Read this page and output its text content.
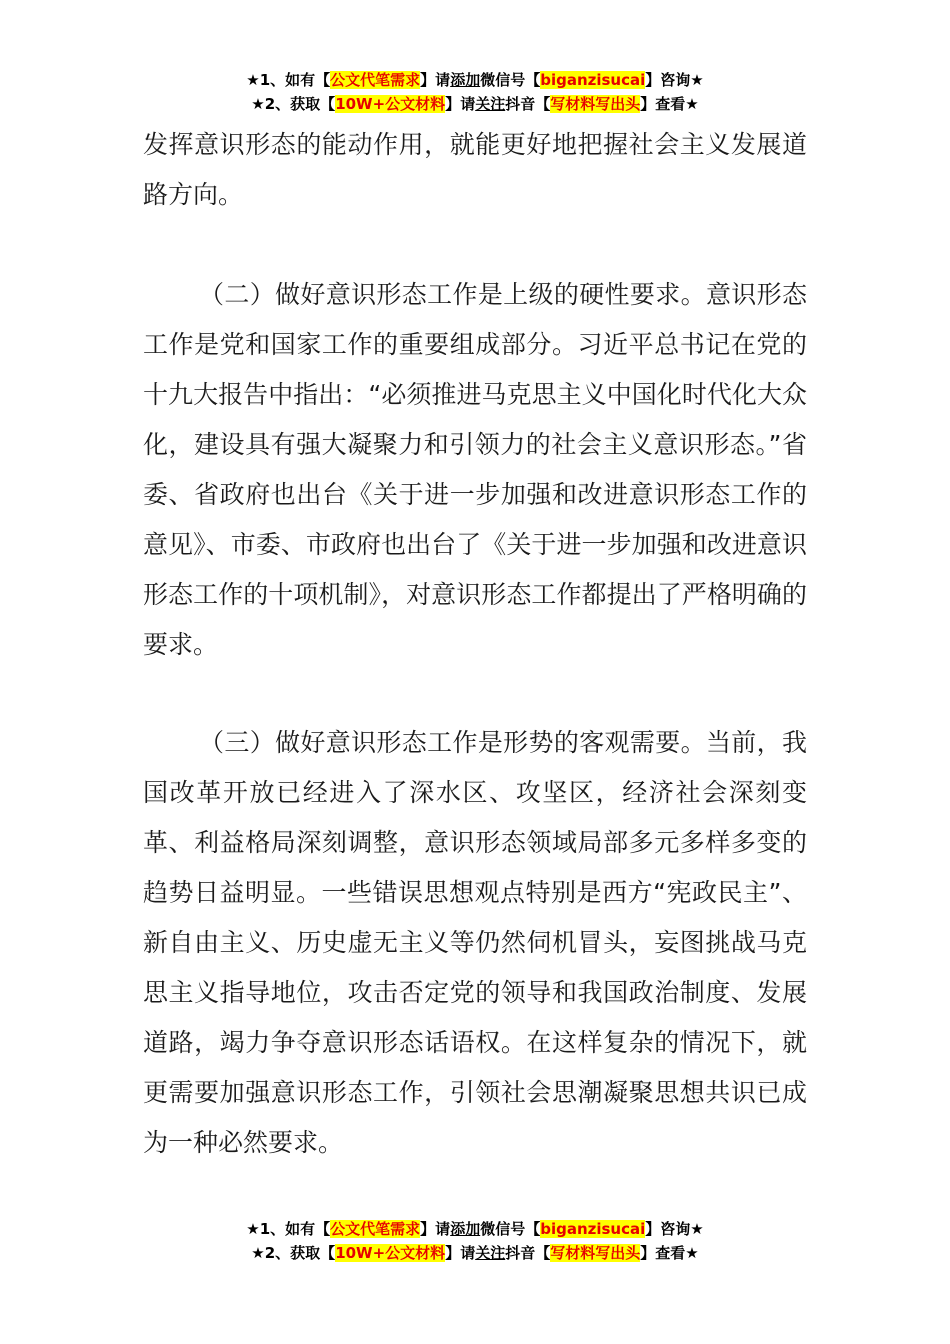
★1、如有【公文代笔需求】请添加微信号【biganzisucai】咨询★
★2、获取【10W+公文材料】请关注抖音【写材料写出头】查看★

发挥意识形态的能动作用，就能更好地把握社会主义发展道路方向。

（二）做好意识形态工作是上级的硬性要求。意识形态工作是党和国家工作的重要组成部分。习近平总书记在党的十九大报告中指出：“必须推进马克思主义中国化时代化大众化，建设具有强大凝聚力和引领力的社会主义意识形态。”省委、省政府也出台《关于进一步加强和改进意识形态工作的意见》、市委、市政府也出台了《关于进一步加强和改进意识形态工作的十项机制》，对意识形态工作都提出了严格明确的要求。

（三）做好意识形态工作是形势的客观需要。当前，我国改革开放已经进入了深水区、攻坚区，经济社会深刻变革、利益格局深刻调整，意识形态领域局部多元多样多变的趋势日益明显。一些错误思想观点特别是西方“宪政民主”、新自由主义、历史虚无主义等仍然伺机冒头，妄图挑战马克思主义指导地位，攻击否定党的领导和我国政治制度、发展道路，竭力争夺意识形态话语权。在这样复杂的情况下，就更需要加强意识形态工作，引领社会思潮凝聚思想共识已成为一种必然要求。

★1、如有【公文代笔需求】请添加微信号【biganzisucai】咨询★
★2、获取【10W+公文材料】请关注抖音【写材料写出头】查看★
